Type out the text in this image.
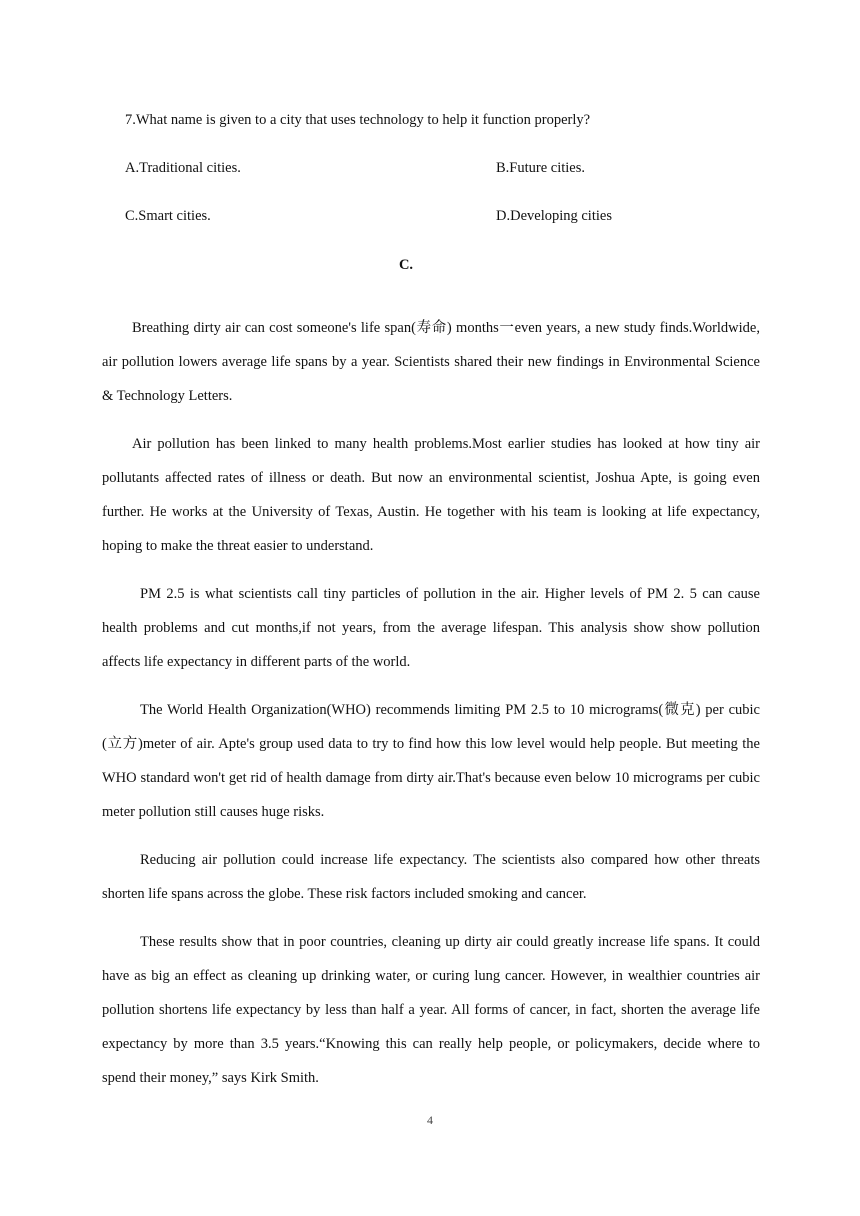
7.What name is given to a city that uses technology to help it function properly?
A.Traditional cities.	B.Future cities.
C.Smart cities.	D.Developing cities
C.

Breathing dirty air can cost someone's life span(寿命) months一even years, a new study finds.Worldwide, air pollution lowers average life spans by a year. Scientists shared their new findings in Environmental Science & Technology Letters.

Air pollution has been linked to many health problems.Most earlier studies has looked at how tiny air pollutants affected rates of illness or death. But now an environmental scientist, Joshua Apte, is going even further. He works at the University of Texas, Austin. He together with his team is looking at life expectancy, hoping to make the threat easier to understand.

PM 2.5 is what scientists call tiny particles of pollution in the air. Higher levels of PM 2. 5 can cause health problems and cut months,if not years, from the average lifespan. This analysis show show pollution affects life expectancy in different parts of the world.

The World Health Organization(WHO) recommends limiting PM 2.5 to 10 micrograms(微克) per cubic (立方)meter of air. Apte's group used data to try to find how this low level would help people. But meeting the WHO standard won't get rid of health damage from dirty air.That's because even below 10 micrograms per cubic meter pollution still causes huge risks.

Reducing air pollution could increase life expectancy. The scientists also compared how other threats shorten life spans across the globe. These risk factors included smoking and cancer.

These results show that in poor countries, cleaning up dirty air could greatly increase life spans. It could have as big an effect as cleaning up drinking water, or curing lung cancer. However, in wealthier countries air pollution shortens life expectancy by less than half a year. All forms of cancer, in fact, shorten the average life expectancy by more than 3.5 years.“Knowing this can really help people, or policymakers, decide where to spend their money,” says Kirk Smith.

4
